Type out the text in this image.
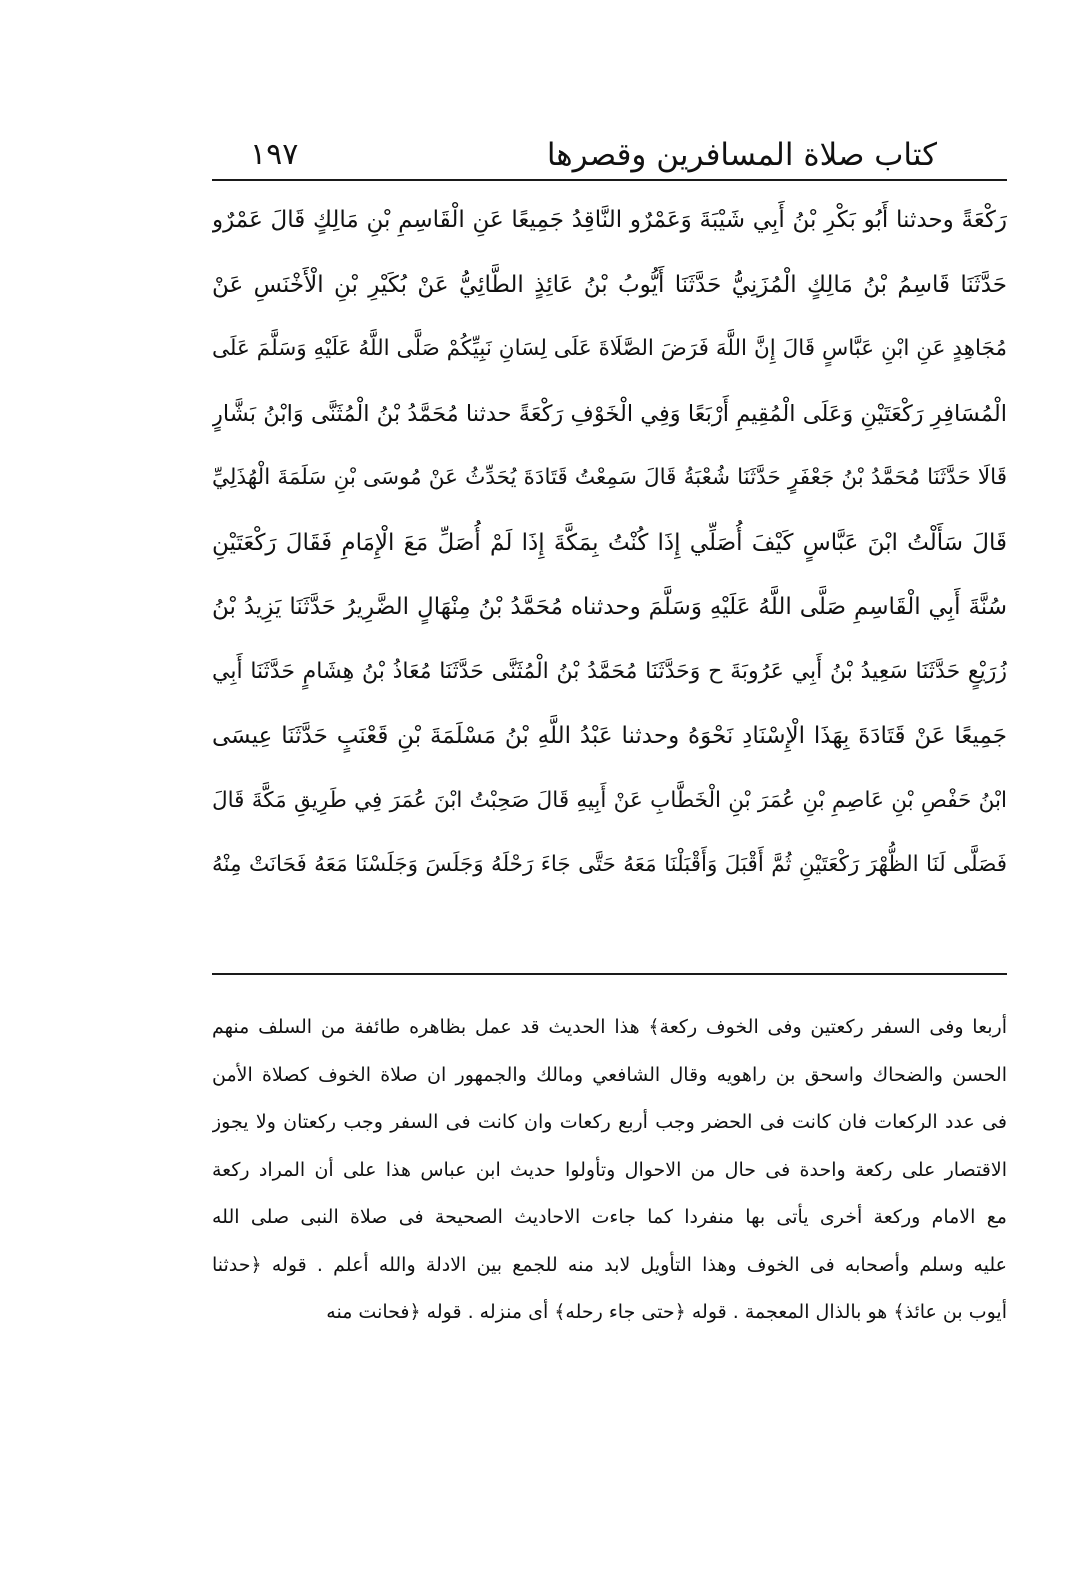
كتاب صلاة المسافرين وقصرها
١٩٧
رَكْعَةً وحدثنا أَبُو بَكْرِ بْنُ أَبِي شَيْبَةَ وَعَمْرٌو النَّاقِدُ جَمِيعًا عَنِ الْقَاسِمِ بْنِ مَالِكٍ قَالَ عَمْرٌو
حَدَّثَنَا قَاسِمُ بْنُ مَالِكٍ الْمُزَنِيُّ حَدَّثَنَا أَيُّوبُ بْنُ عَائِذٍ الطَّائِيُّ عَنْ بُكَيْرِ بْنِ الْأَخْنَسِ عَنْ
مُجَاهِدٍ عَنِ ابْنِ عَبَّاسٍ قَالَ إِنَّ اللَّهَ فَرَضَ الصَّلَاةَ عَلَى لِسَانِ نَبِيِّكُمْ صَلَّى اللَّهُ عَلَيْهِ وَسَلَّمَ عَلَى
الْمُسَافِرِ رَكْعَتَيْنِ وَعَلَى الْمُقِيمِ أَرْبَعًا وَفِي الْخَوْفِ رَكْعَةً حدثنا مُحَمَّدُ بْنُ الْمُثَنَّى وَابْنُ بَشَّارٍ
قَالَا حَدَّثَنَا مُحَمَّدُ بْنُ جَعْفَرٍ حَدَّثَنَا شُعْبَةُ قَالَ سَمِعْتُ قَتَادَةَ يُحَدِّثُ عَنْ مُوسَى بْنِ سَلَمَةَ الْهُذَلِيِّ
قَالَ سَأَلْتُ ابْنَ عَبَّاسٍ كَيْفَ أُصَلِّي إِذَا كُنْتُ بِمَكَّةَ إِذَا لَمْ أُصَلِّ مَعَ الْإِمَامِ فَقَالَ رَكْعَتَيْنِ
سُنَّةَ أَبِي الْقَاسِمِ صَلَّى اللَّهُ عَلَيْهِ وَسَلَّمَ وحدثناه مُحَمَّدُ بْنُ مِنْهَالٍ الضَّرِيرُ حَدَّثَنَا يَزِيدُ بْنُ
زُرَيْعٍ حَدَّثَنَا سَعِيدُ بْنُ أَبِي عَرُوبَةَ ح وَحَدَّثَنَا مُحَمَّدُ بْنُ الْمُثَنَّى حَدَّثَنَا مُعَاذُ بْنُ هِشَامٍ حَدَّثَنَا أَبِي
جَمِيعًا عَنْ قَتَادَةَ بِهَذَا الْإِسْنَادِ نَحْوَهُ وحدثنا عَبْدُ اللَّهِ بْنُ مَسْلَمَةَ بْنِ قَعْنَبٍ حَدَّثَنَا عِيسَى
ابْنُ حَفْصِ بْنِ عَاصِمِ بْنِ عُمَرَ بْنِ الْخَطَّابِ عَنْ أَبِيهِ قَالَ صَحِبْتُ ابْنَ عُمَرَ فِي طَرِيقِ مَكَّةَ قَالَ
فَصَلَّى لَنَا الظُّهْرَ رَكْعَتَيْنِ ثُمَّ أَقْبَلَ وَأَقْبَلْنَا مَعَهُ حَتَّى جَاءَ رَحْلَهُ وَجَلَسَ وَجَلَسْنَا مَعَهُ فَحَانَتْ مِنْهُ
أربعا وفى السفر ركعتين وفى الخوف ركعة﴾ هذا الحديث قد عمل بظاهره طائفة من السلف منهم
الحسن والضحاك واسحق بن راهويه وقال الشافعي ومالك والجمهور ان صلاة الخوف كصلاة الأمن
فى عدد الركعات فان كانت فى الحضر وجب أربع ركعات وان كانت فى السفر وجب ركعتان ولا يجوز
الاقتصار على ركعة واحدة فى حال من الاحوال وتأولوا حديث ابن عباس هذا على أن المراد ركعة
مع الامام وركعة أخرى يأتى بها منفردا كما جاءت الاحاديث الصحيحة فى صلاة النبى صلى الله
عليه وسلم وأصحابه فى الخوف وهذا التأويل لابد منه للجمع بين الادلة والله أعلم . قوله ﴿حدثنا
أيوب بن عائذ﴾ هو بالذال المعجمة . قوله ﴿حتى جاء رحله﴾ أى منزله . قوله ﴿فحانت منه
